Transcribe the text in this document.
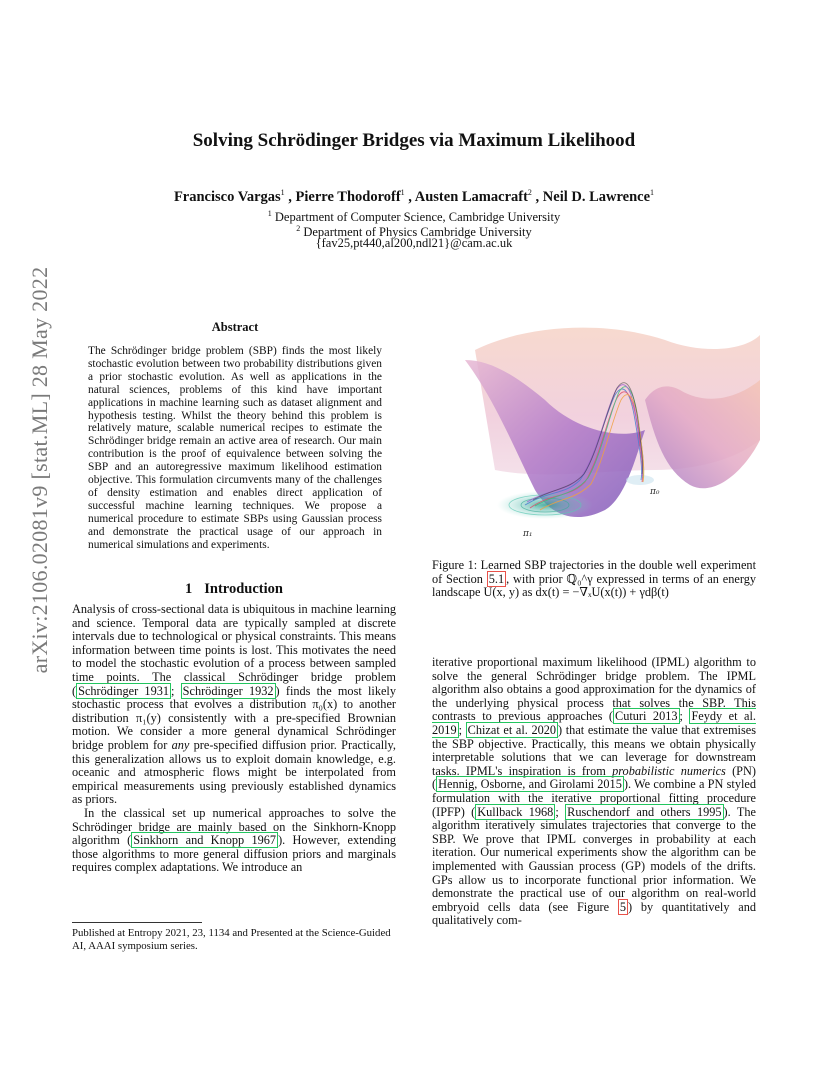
Solving Schrödinger Bridges via Maximum Likelihood
Francisco Vargas$^1$ , Pierre Thodoroff$^1$ , Austen Lamacraft$^2$ , Neil D. Lawrence$^1$
$^1$ Department of Computer Science, Cambridge University
$^2$ Department of Physics Cambridge University
{fav25,pt440,al200,ndl21}@cam.ac.uk
arXiv:2106.02081v9 [stat.ML] 28 May 2022	Abstract
The Schrödinger bridge problem (SBP) finds the most likely stochastic evolution between two probability distributions given a prior stochastic evolution. As well as applications in the natural sciences, problems of this kind have important applications in machine learning such as dataset alignment and hypothesis testing. Whilst the theory behind this problem is relatively mature, scalable numerical recipes to estimate the Schrödinger bridge remain an active area of research. Our main contribution is the proof of equivalence between solving the SBP and an autoregressive maximum likelihood estimation objective. This formulation circumvents many of the challenges of density estimation and enables direct application of successful machine learning techniques. We propose a numerical procedure to estimate SBPs using Gaussian process and demonstrate the practical usage of our approach in numerical simulations and experiments.
π₀
π₁
Figure 1: Learned SBP trajectories in the double well experiment of Section 5.1 , with prior ℚ₀^γ expressed in terms of an energy landscape U(x, y) as dx(t) = −∇ₓU(x(t)) + γdβ(t)
1 Introduction

Analysis of cross-sectional data is ubiquitous in machine learning and science. Temporal data are typically sampled at discrete intervals due to technological or physical constraints. This means information between time points is lost. This motivates the need to model the stochastic evolution of a process between sampled time points. The classical Schrödinger bridge problem ( Schrödinger 1931 ; Schrödinger 1932 ) finds the most likely stochastic process that evolves a distribution π₀(x) to another distribution π₁(y) consistently with a pre-specified Brownian motion. We consider a more general dynamical Schrödinger bridge problem for any pre-specified diffusion prior. Practically, this generalization allows us to exploit domain knowledge, e.g. oceanic and atmospheric flows might be interpolated from empirical measurements using previously established dynamics as priors.

In the classical set up numerical approaches to solve the Schrödinger bridge are mainly based on the Sinkhorn-Knopp algorithm ( Sinkhorn and Knopp 1967 ). However, extending those algorithms to more general diffusion priors and marginals requires complex adaptations. We introduce an

Published at Entropy 2021, 23, 1134 and Presented at the Science-Guided AI, AAAI symposium series.

iterative proportional maximum likelihood (IPML) algorithm to solve the general Schrödinger bridge problem. The IPML algorithm also obtains a good approximation for the dynamics of the underlying physical process that solves the SBP. This contrasts to previous approaches ( Cuturi 2013 ; Feydy et al. 2019 ; Chizat et al. 2020 ) that estimate the value that extremises the SBP objective. Practically, this means we obtain physically interpretable solutions that we can leverage for downstream tasks. IPML's inspiration is from probabilistic numerics (PN) ( Hennig, Osborne, and Girolami 2015 ). We combine a PN styled formulation with the iterative proportional fitting procedure (IPFP) ( Kullback 1968 ; Ruschendorf and others 1995 ). The algorithm iteratively simulates trajectories that converge to the SBP. We prove that IPML converges in probability at each iteration. Our numerical experiments show the algorithm can be implemented with Gaussian process (GP) models of the drifts. GPs allow us to incorporate functional prior information. We demonstrate the practical use of our algorithm on real-world embryoid cells data (see Figure 5 ) by quantitatively and qualitatively com-
